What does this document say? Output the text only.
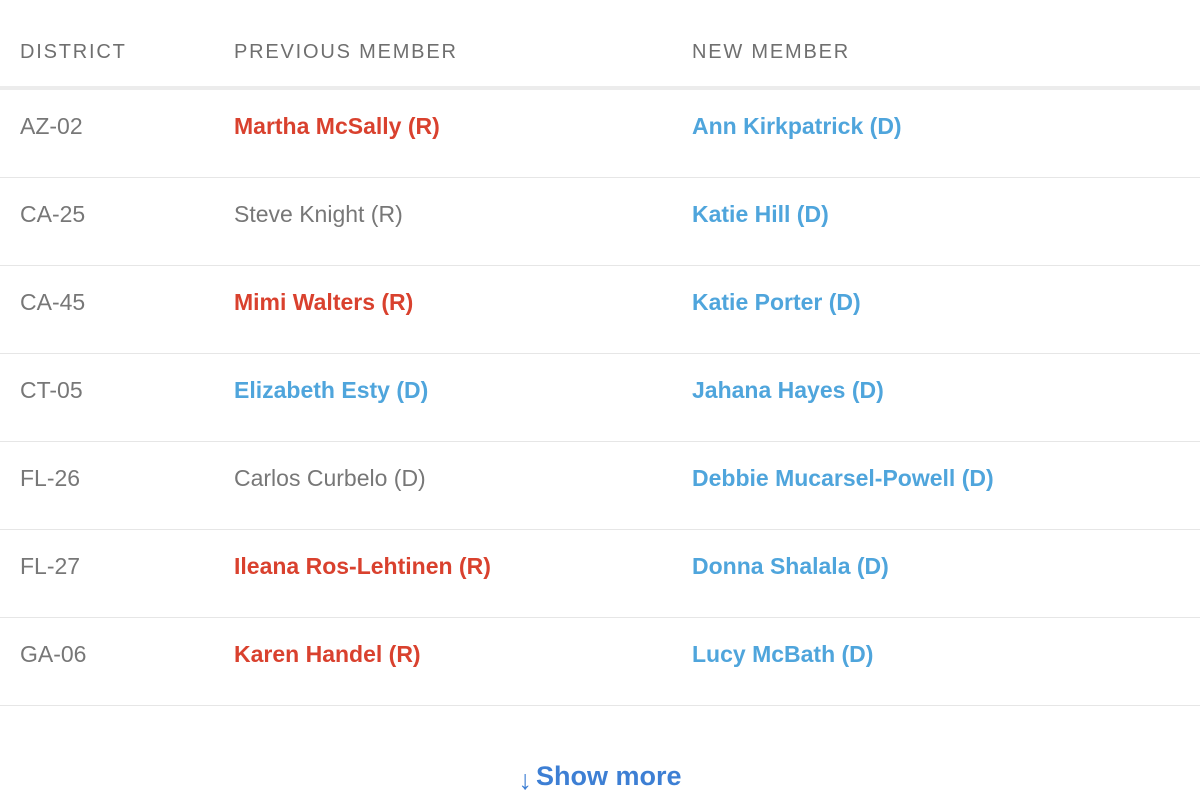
DISTRICT	PREVIOUS MEMBER	NEW MEMBER
AZ-02	Martha McSally (R)	Ann Kirkpatrick (D)
CA-25	Steve Knight (R)	Katie Hill (D)
CA-45	Mimi Walters (R)	Katie Porter (D)
CT-05	Elizabeth Esty (D)	Jahana Hayes (D)
FL-26	Carlos Curbelo (D)	Debbie Mucarsel-Powell (D)
FL-27	Ileana Ros-Lehtinen (R)	Donna Shalala (D)
GA-06	Karen Handel (R)	Lucy McBath (D)
↓ Show more
